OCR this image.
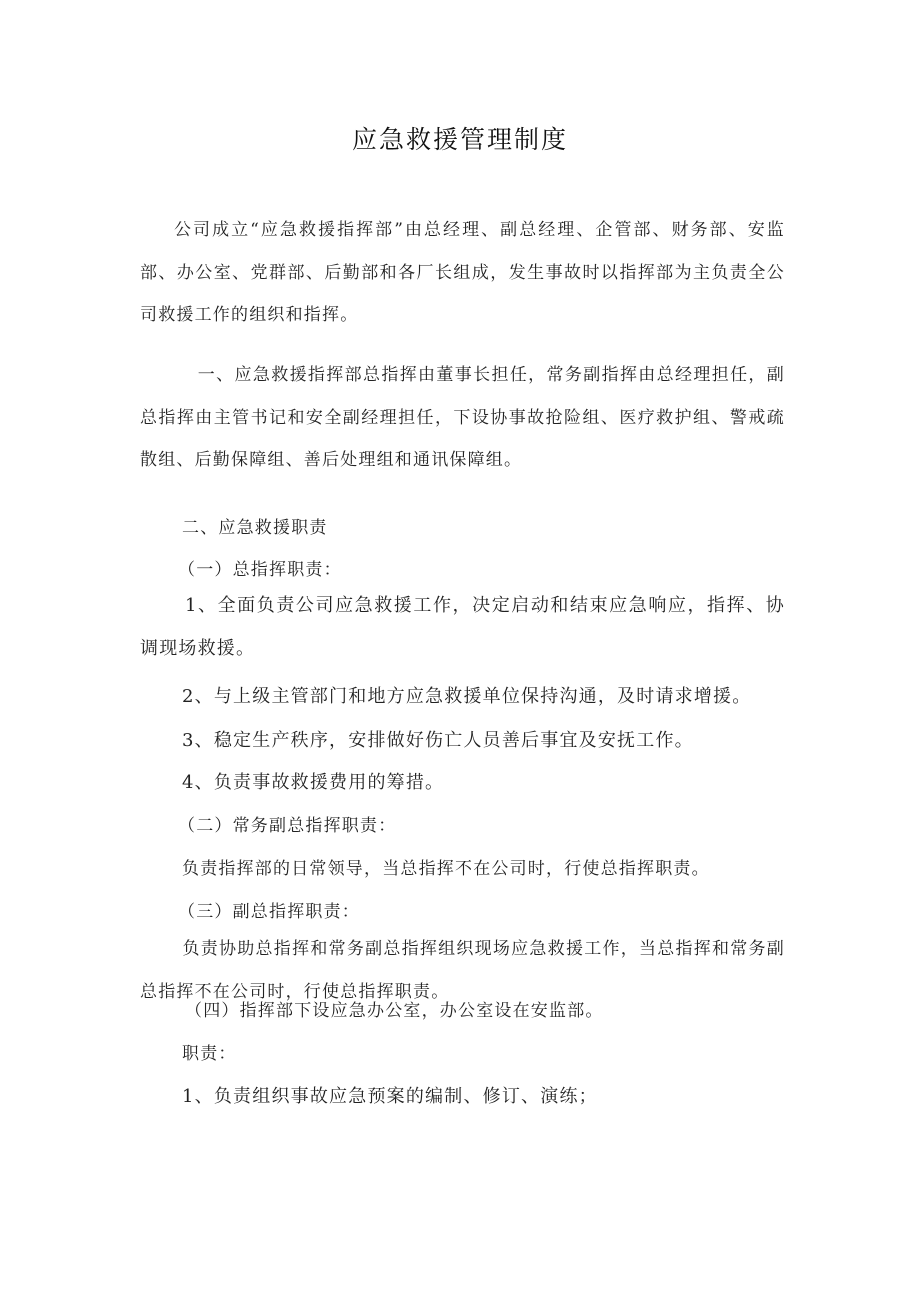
应急救援管理制度

公司成立“应急救援指挥部”由总经理、副总经理、企管部、财务部、安监部、办公室、党群部、后勤部和各厂长组成，发生事故时以指挥部为主负责全公司救援工作的组织和指挥。

一、应急救援指挥部总指挥由董事长担任，常务副指挥由总经理担任，副总指挥由主管书记和安全副经理担任，下设协事故抢险组、医疗救护组、警戒疏散组、后勤保障组、善后处理组和通讯保障组。

二、应急救援职责

（一）总指挥职责：

1、全面负责公司应急救援工作，决定启动和结束应急响应，指挥、协调现场救援。

2、与上级主管部门和地方应急救援单位保持沟通，及时请求增援。

3、稳定生产秩序，安排做好伤亡人员善后事宜及安抚工作。

4、负责事故救援费用的筹措。

（二）常务副总指挥职责：

负责指挥部的日常领导，当总指挥不在公司时，行使总指挥职责。

（三）副总指挥职责：

负责协助总指挥和常务副总指挥组织现场应急救援工作，当总指挥和常务副总指挥不在公司时，行使总指挥职责。

（四）指挥部下设应急办公室，办公室设在安监部。

职责：

1、负责组织事故应急预案的编制、修订、演练；
